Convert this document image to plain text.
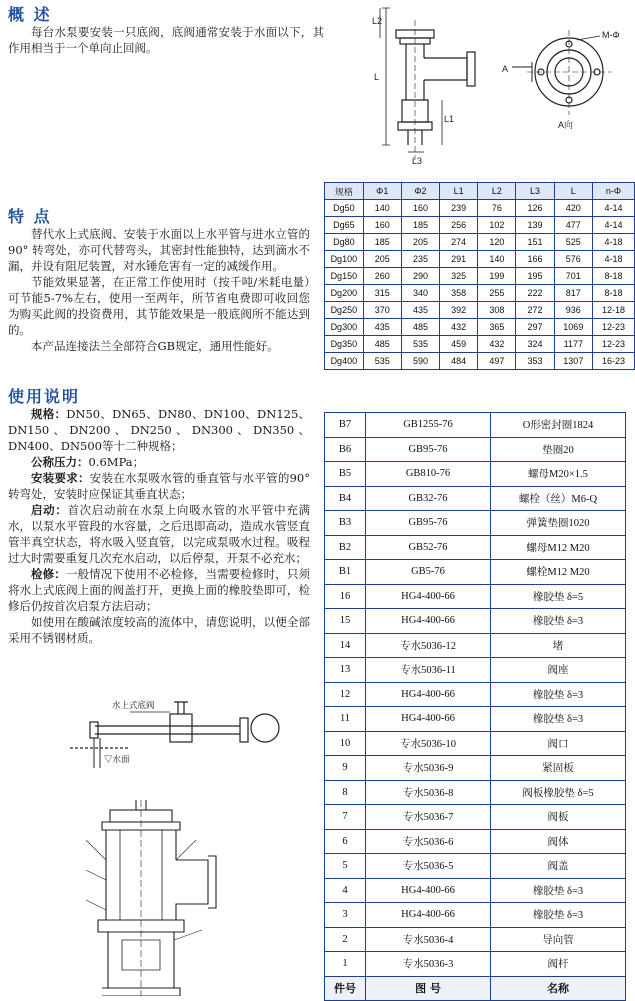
概 述

每台水泵要安装一只底阀，底阀通常安装于水面以下，其作用相当于一个单向止回阀。

特 点

替代水上式底阀、安装于水面以上水平管与进水立管的90° 转弯处，亦可代替弯头，其密封性能独特，达到滴水不漏，并设有阻尼装置，对水锤危害有一定的减缓作用。

节能效果显著，在正常工作使用时（按千吨/米耗电量）可节能5-7%左右，使用一至两年，所节省电费即可收回您为购买此阀的投资费用，其节能效果是一般底阀所不能达到的。

本产品连接法兰全部符合GB规定，通用性能好。

使用说明

规格：DN50、DN65、DN80、DN100、DN125、DN150、DN200、DN250、DN300、DN350、DN400、DN500等十二种规格；

公称压力：0.6MPa；

安装要求：安装在水泵吸水管的垂直管与水平管的90° 转弯处，安装时应保证其垂直状态；

启动：首次启动前在水泵上向吸水管的水平管中充满水，以泵水平管段的水容量，之后迅即高动，造成水管竖直管半真空状态，将水吸入竖直管，以完成泵吸水过程。吸程过大时需要重复几次充水启动，以后停泵，开泵不必充水；

检修：一般情况下使用不必检修，当需要检修时，只须将水上式底阀上面的阀盖打开，更换上面的橡胶垫即可，检修后仍按首次启泵方法启动；

如使用在酸碱浓度较高的流体中，请您说明，以便全部采用不锈钢材质。

L2
A
L
L1
L3
M-Φ
A向
规格	Φ1	Φ2	L1	L2	L3	L	n-Φ
Dg50	140	160	239	76	126	420	4-14
Dg65	160	185	256	102	139	477	4-14
Dg80	185	205	274	120	151	525	4-18
Dg100	205	235	291	140	166	576	4-18
Dg150	260	290	325	199	195	701	8-18
Dg200	315	340	358	255	222	817	8-18
Dg250	370	435	392	308	272	936	12-18
Dg300	435	485	432	365	297	1069	12-23
Dg350	485	535	459	432	324	1177	12-23
Dg400	535	590	484	497	353	1307	16-23
B7	GB1255-76	O形密封圈1824
B6	GB95-76	垫圈20
B5	GB810-76	螺母M20×1.5
B4	GB32-76	螺栓（丝）M6-Q
B3	GB95-76	弹簧垫圈1020
B2	GB52-76	螺母M12 M20
B1	GB5-76	螺栓M12 M20
16	HG4-400-66	橡胶垫 δ=5
15	HG4-400-66	橡胶垫 δ=3
14	专水5036-12	堵
13	专水5036-11	阀座
12	HG4-400-66	橡胶垫 δ=3
11	HG4-400-66	橡胶垫 δ=3
10	专水5036-10	阀口
9	专水5036-9	紧固板
8	专水5036-8	阀板橡胶垫 δ=5
7	专水5036-7	阀板
6	专水5036-6	阀体
5	专水5036-5	阀盖
4	HG4-400-66	橡胶垫 δ=3
3	HG4-400-66	橡胶垫 δ=3
2	专水5036-4	导向管
1	专水5036-3	阀杆
件号	图 号	名称
水上式底阀
▽水面
